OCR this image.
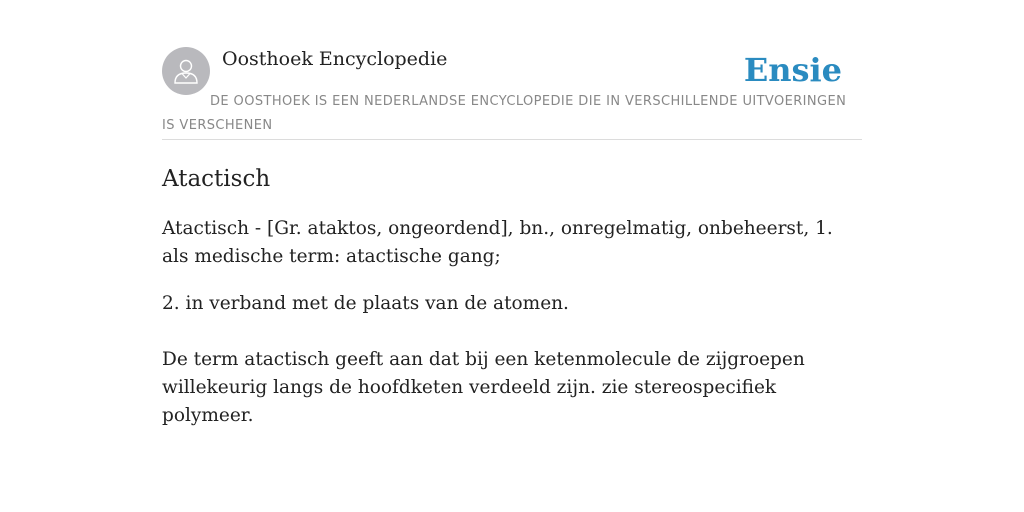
Oosthoek Encyclopedie	Ensie
DE OOSTHOEK IS EEN NEDERLANDSE ENCYCLOPEDIE DIE IN VERSCHILLENDE UITVOERINGEN IS VERSCHENEN
Atactisch

Atactisch - [Gr. ataktos, ongeordend], bn., onregelmatig, onbeheerst, 1. als medische term: atactische gang;

2. in verband met de plaats van de atomen.

De term atactisch geeft aan dat bij een ketenmolecule de zijgroepen willekeurig langs de hoofdketen verdeeld zijn. zie stereospecifiek polymeer.
